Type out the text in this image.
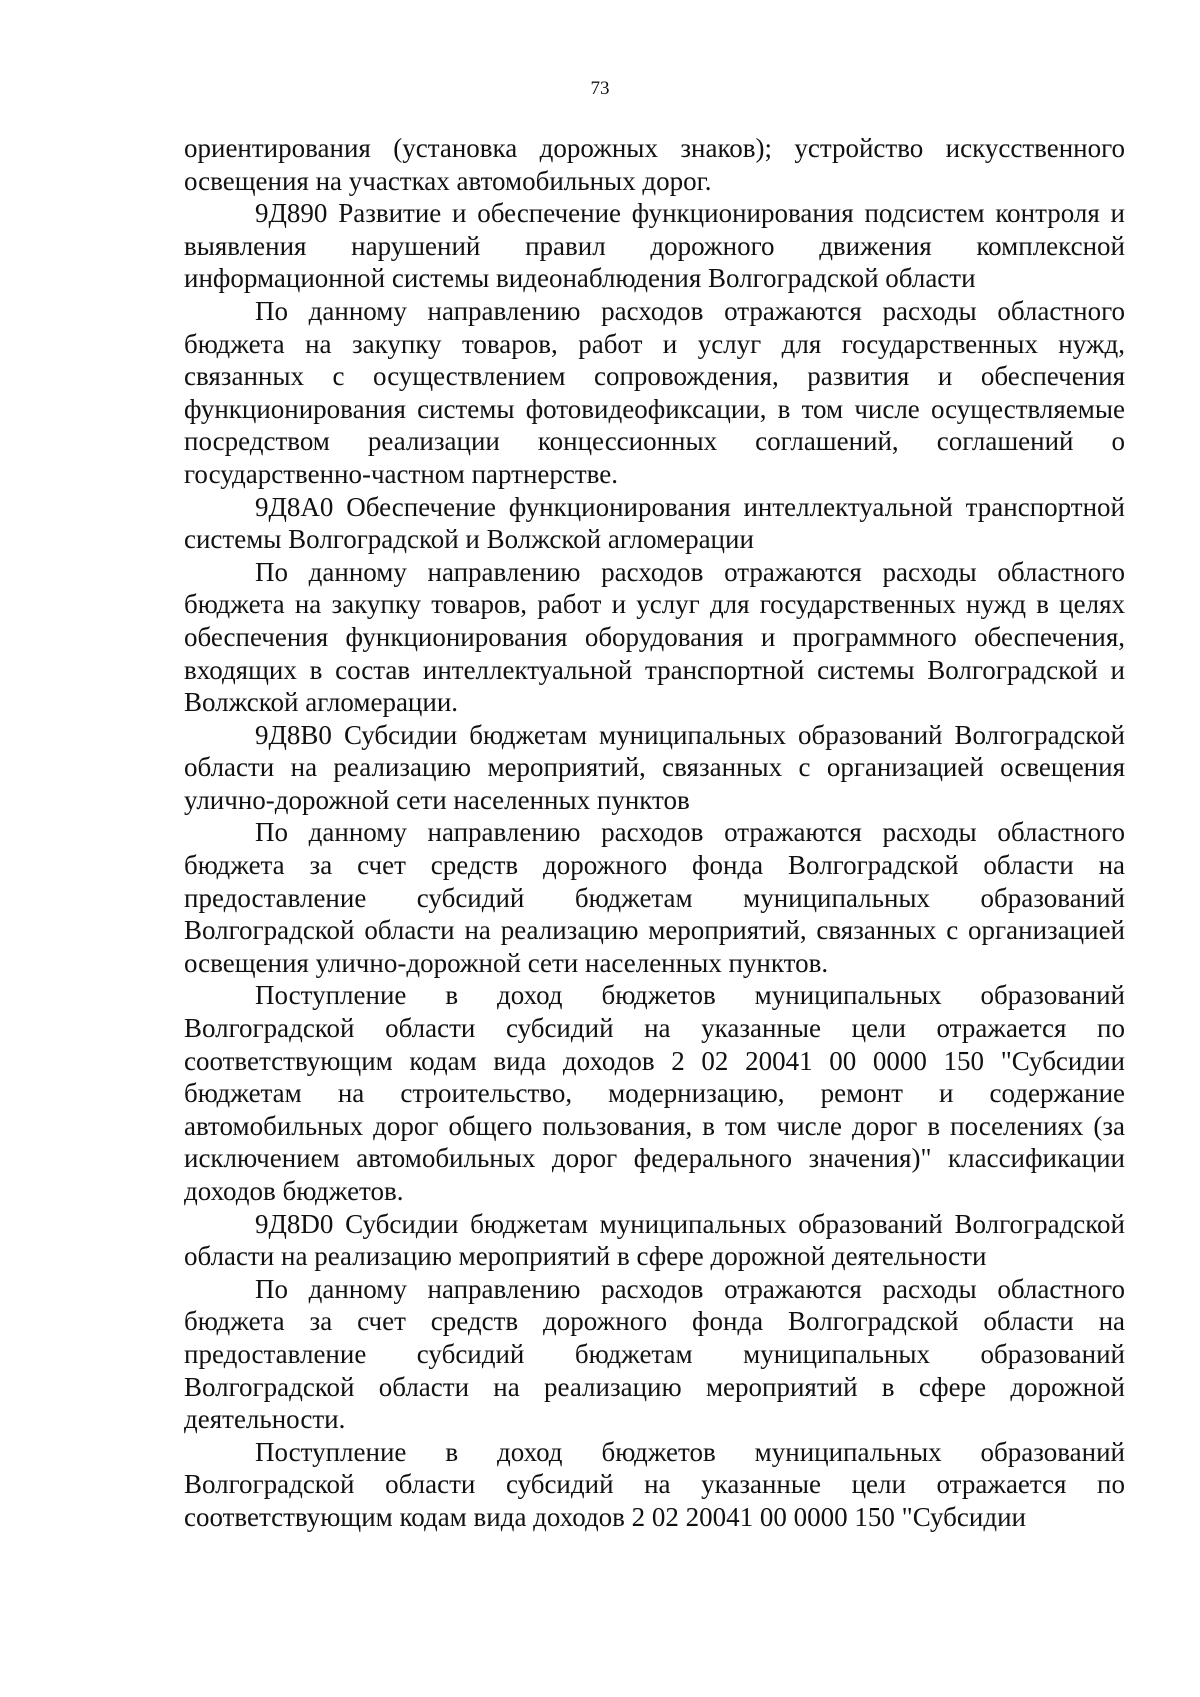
73

ориентирования (установка дорожных знаков); устройство искусственного освещения на участках автомобильных дорог.

9Д890 Развитие и обеспечение функционирования подсистем контроля и выявления нарушений правил дорожного движения комплексной информационной системы видеонаблюдения Волгоградской области

По данному направлению расходов отражаются расходы областного бюджета на закупку товаров, работ и услуг для государственных нужд, связанных с осуществлением сопровождения, развития и обеспечения функционирования системы фотовидеофиксации, в том числе осуществляемые посредством реализации концессионных соглашений, соглашений о государственно-частном партнерстве.

9Д8А0 Обеспечение функционирования интеллектуальной транспортной системы Волгоградской и Волжской агломерации

По данному направлению расходов отражаются расходы областного бюджета на закупку товаров, работ и услуг для государственных нужд в целях обеспечения функционирования оборудования и программного обеспечения, входящих в состав интеллектуальной транспортной системы Волгоградской и Волжской агломерации.

9Д8В0 Субсидии бюджетам муниципальных образований Волгоградской области на реализацию мероприятий, связанных с организацией освещения улично-дорожной сети населенных пунктов

По данному направлению расходов отражаются расходы областного бюджета за счет средств дорожного фонда Волгоградской области на предоставление субсидий бюджетам муниципальных образований Волгоградской области на реализацию мероприятий, связанных с организацией освещения улично-дорожной сети населенных пунктов.

Поступление в доход бюджетов муниципальных образований Волгоградской области субсидий на указанные цели отражается по соответствующим кодам вида доходов 2 02 20041 00 0000 150 "Субсидии бюджетам на строительство, модернизацию, ремонт и содержание автомобильных дорог общего пользования, в том числе дорог в поселениях (за исключением автомобильных дорог федерального значения)" классификации доходов бюджетов.

9Д8D0 Субсидии бюджетам муниципальных образований Волгоградской области на реализацию мероприятий в сфере дорожной деятельности

По данному направлению расходов отражаются расходы областного бюджета за счет средств дорожного фонда Волгоградской области на предоставление субсидий бюджетам муниципальных образований Волгоградской области на реализацию мероприятий в сфере дорожной деятельности.

Поступление в доход бюджетов муниципальных образований Волгоградской области субсидий на указанные цели отражается по соответствующим кодам вида доходов 2 02 20041 00 0000 150 "Субсидии
